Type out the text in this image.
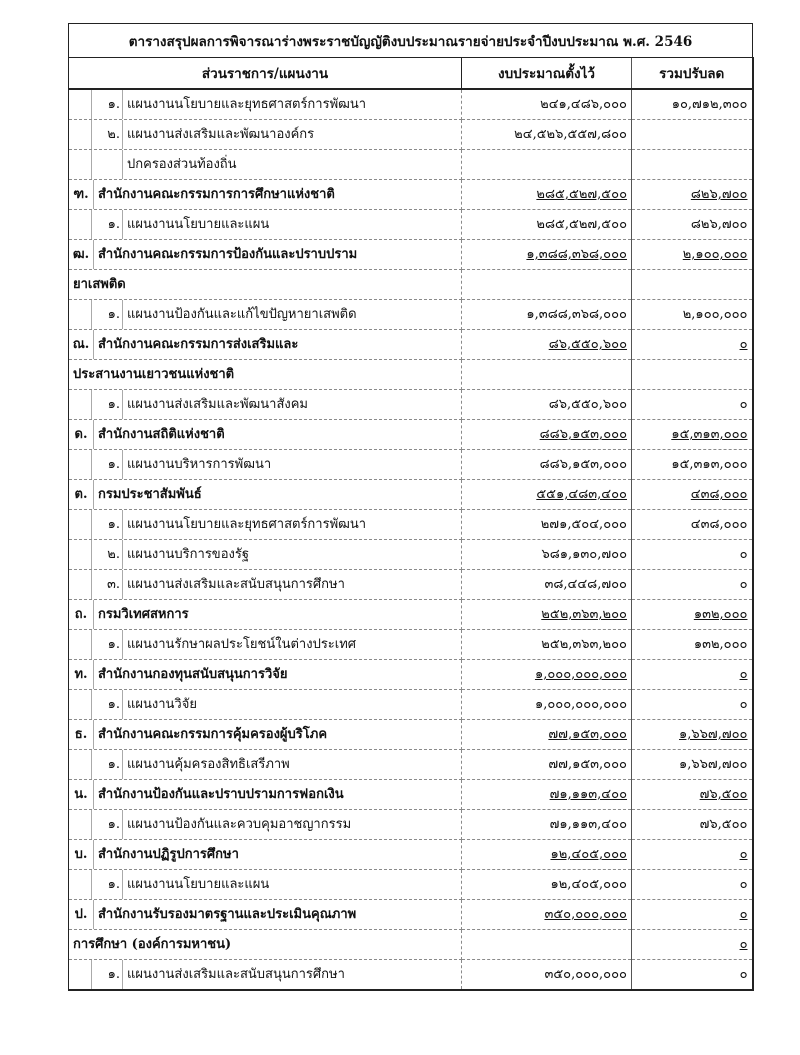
ตารางสรุปผลการพิจารณาร่างพระราชบัญญัติงบประมาณรายจ่ายประจำปีงบประมาณ พ.ศ. 2546		
ส่วนราชการ/แผนงาน	งบประมาณตั้งไว้	รวมปรับลด

๑. แผนงานนโยบายและยุทธศาสตร์การพัฒนา	๒๔๑,๔๘๖,๐๐๐	๑๐,๗๑๒,๓๐๐

๒. แผนงานส่งเสริมและพัฒนาองค์กร	๒๔,๕๒๖,๕๕๗,๘๐๐	

ปกครองส่วนท้องถิ่น		

ฑ. สำนักงานคณะกรรมการการศึกษาแห่งชาติ	๒๘๕,๕๒๗,๕๐๐	๘๒๖,๗๐๐

๑. แผนงานนโยบายและแผน	๒๘๕,๕๒๗,๕๐๐	๘๒๖,๗๐๐

ฒ. สำนักงานคณะกรรมการป้องกันและปราบปราม	๑,๓๘๘,๓๖๘,๐๐๐	๒,๑๐๐,๐๐๐

ยาเสพติด		

๑. แผนงานป้องกันและแก้ไขปัญหายาเสพติด	๑,๓๘๘,๓๖๘,๐๐๐	๒,๑๐๐,๐๐๐

ณ. สำนักงานคณะกรรมการส่งเสริมและ	๘๖,๕๕๐,๖๐๐	๐

ประสานงานเยาวชนแห่งชาติ		

๑. แผนงานส่งเสริมและพัฒนาสังคม	๘๖,๕๕๐,๖๐๐	๐

ด. สำนักงานสถิติแห่งชาติ	๘๘๖,๑๕๓,๐๐๐	๑๕,๓๑๓,๐๐๐

๑. แผนงานบริหารการพัฒนา	๘๘๖,๑๕๓,๐๐๐	๑๕,๓๑๓,๐๐๐

ต. กรมประชาสัมพันธ์	๕๕๑,๔๘๓,๔๐๐	๔๓๘,๐๐๐

๑. แผนงานนโยบายและยุทธศาสตร์การพัฒนา	๒๗๑,๕๐๔,๐๐๐	๔๓๘,๐๐๐

๒. แผนงานบริการของรัฐ	๖๘๑,๑๓๐,๗๐๐	๐

๓. แผนงานส่งเสริมและสนับสนุนการศึกษา	๓๘,๔๔๘,๗๐๐	๐

ถ. กรมวิเทศสหการ	๒๕๒,๓๖๓,๒๐๐	๑๓๒,๐๐๐

๑. แผนงานรักษาผลประโยชน์ในต่างประเทศ	๒๕๒,๓๖๓,๒๐๐	๑๓๒,๐๐๐

ท. สำนักงานกองทุนสนับสนุนการวิจัย	๑,๐๐๐,๐๐๐,๐๐๐	๐

๑. แผนงานวิจัย	๑,๐๐๐,๐๐๐,๐๐๐	๐

ธ. สำนักงานคณะกรรมการคุ้มครองผู้บริโภค	๗๗,๑๕๓,๐๐๐	๑,๖๖๗,๗๐๐

๑. แผนงานคุ้มครองสิทธิเสรีภาพ	๗๗,๑๕๓,๐๐๐	๑,๖๖๗,๗๐๐

น. สำนักงานป้องกันและปราบปรามการฟอกเงิน	๗๑,๑๑๓,๔๐๐	๗๖,๕๐๐

๑. แผนงานป้องกันและควบคุมอาชญากรรม	๗๑,๑๑๓,๔๐๐	๗๖,๕๐๐

บ. สำนักงานปฏิรูปการศึกษา	๑๒,๔๐๕,๐๐๐	๐

๑. แผนงานนโยบายและแผน	๑๒,๔๐๕,๐๐๐	๐

ป. สำนักงานรับรองมาตรฐานและประเมินคุณภาพ	๓๕๐,๐๐๐,๐๐๐	๐

การศึกษา (องค์การมหาชน)		๐

๑. แผนงานส่งเสริมและสนับสนุนการศึกษา	๓๕๐,๐๐๐,๐๐๐	๐
